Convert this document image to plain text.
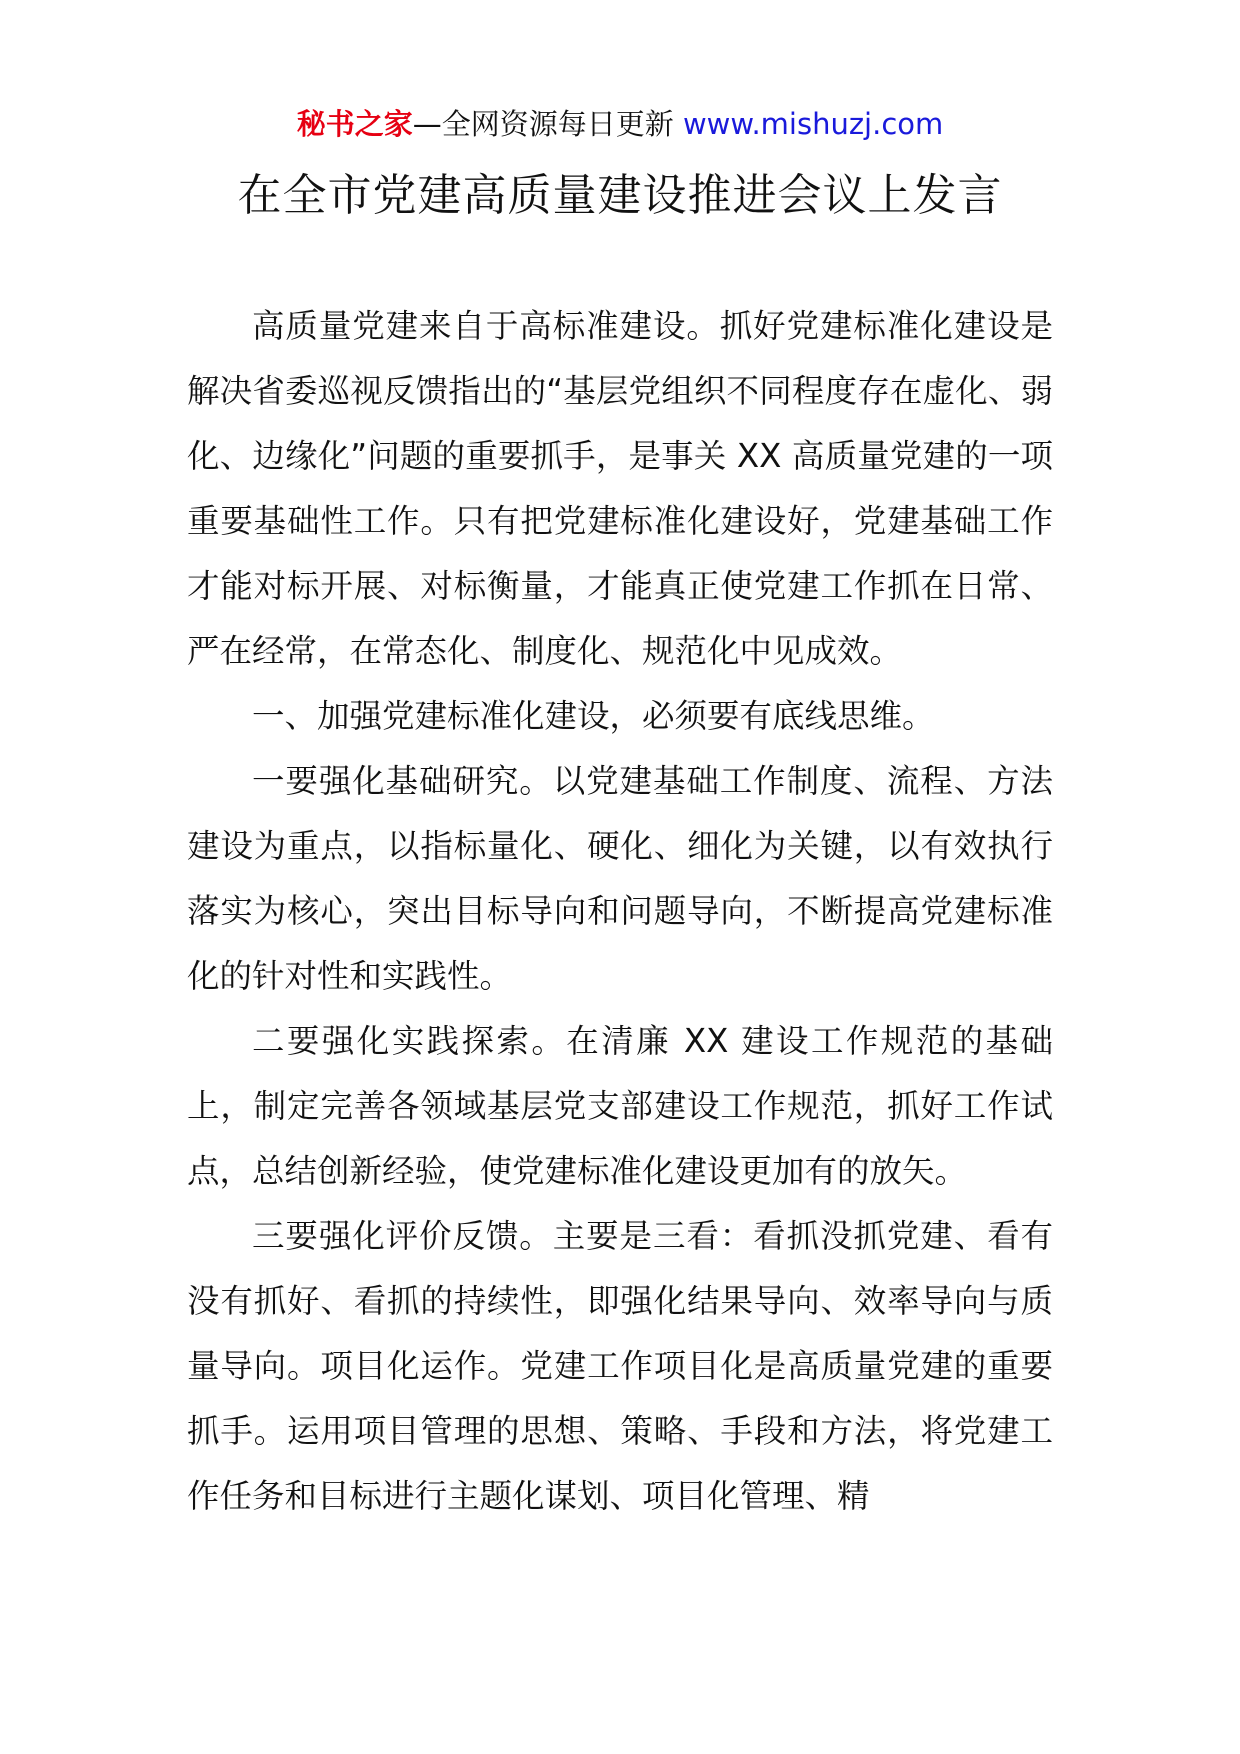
秘书之家—全网资源每日更新 www.mishuzj.com
在全市党建高质量建设推进会议上发言

高质量党建来自于高标准建设。抓好党建标准化建设是解决省委巡视反馈指出的“基层党组织不同程度存在虚化、弱化、边缘化”问题的重要抓手，是事关 XX 高质量党建的一项重要基础性工作。只有把党建标准化建设好，党建基础工作才能对标开展、对标衡量，才能真正使党建工作抓在日常、严在经常，在常态化、制度化、规范化中见成效。

一、加强党建标准化建设，必须要有底线思维。

一要强化基础研究。以党建基础工作制度、流程、方法建设为重点，以指标量化、硬化、细化为关键，以有效执行落实为核心，突出目标导向和问题导向，不断提高党建标准化的针对性和实践性。

二要强化实践探索。在清廉 XX 建设工作规范的基础上，制定完善各领域基层党支部建设工作规范，抓好工作试点，总结创新经验，使党建标准化建设更加有的放矢。

三要强化评价反馈。主要是三看：看抓没抓党建、看有没有抓好、看抓的持续性，即强化结果导向、效率导向与质量导向。项目化运作。党建工作项目化是高质量党建的重要抓手。运用项目管理的思想、策略、手段和方法，将党建工作任务和目标进行主题化谋划、项目化管理、精
